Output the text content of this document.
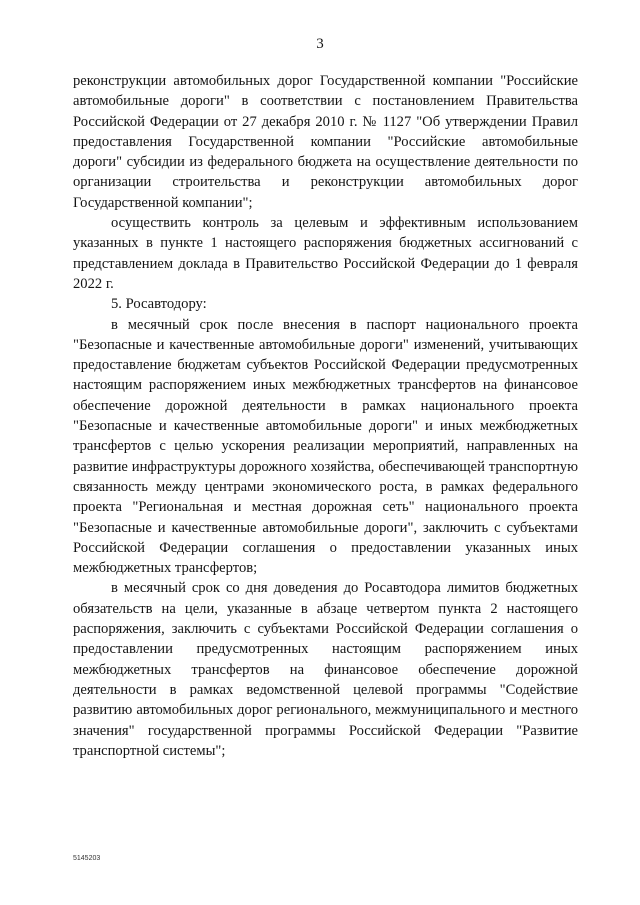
3

реконструкции автомобильных дорог Государственной компании "Российские автомобильные дороги" в соответствии с постановлением Правительства Российской Федерации от 27 декабря 2010 г. № 1127 "Об утверждении Правил предоставления Государственной компании "Российские автомобильные дороги" субсидии из федерального бюджета на осуществление деятельности по организации строительства и реконструкции автомобильных дорог Государственной компании";

осуществить контроль за целевым и эффективным использованием указанных в пункте 1 настоящего распоряжения бюджетных ассигнований с представлением доклада в Правительство Российской Федерации до 1 февраля 2022 г.

5. Росавтодору:

в месячный срок после внесения в паспорт национального проекта "Безопасные и качественные автомобильные дороги" изменений, учитывающих предоставление бюджетам субъектов Российской Федерации предусмотренных настоящим распоряжением иных межбюджетных трансфертов на финансовое обеспечение дорожной деятельности в рамках национального проекта "Безопасные и качественные автомобильные дороги" и иных межбюджетных трансфертов с целью ускорения реализации мероприятий, направленных на развитие инфраструктуры дорожного хозяйства, обеспечивающей транспортную связанность между центрами экономического роста, в рамках федерального проекта "Региональная и местная дорожная сеть" национального проекта "Безопасные и качественные автомобильные дороги", заключить с субъектами Российской Федерации соглашения о предоставлении указанных иных межбюджетных трансфертов;

в месячный срок со дня доведения до Росавтодора лимитов бюджетных обязательств на цели, указанные в абзаце четвертом пункта 2 настоящего распоряжения, заключить с субъектами Российской Федерации соглашения о предоставлении предусмотренных настоящим распоряжением иных межбюджетных трансфертов на финансовое обеспечение дорожной деятельности в рамках ведомственной целевой программы "Содействие развитию автомобильных дорог регионального, межмуниципального и местного значения" государственной программы Российской Федерации "Развитие транспортной системы";

5145203
